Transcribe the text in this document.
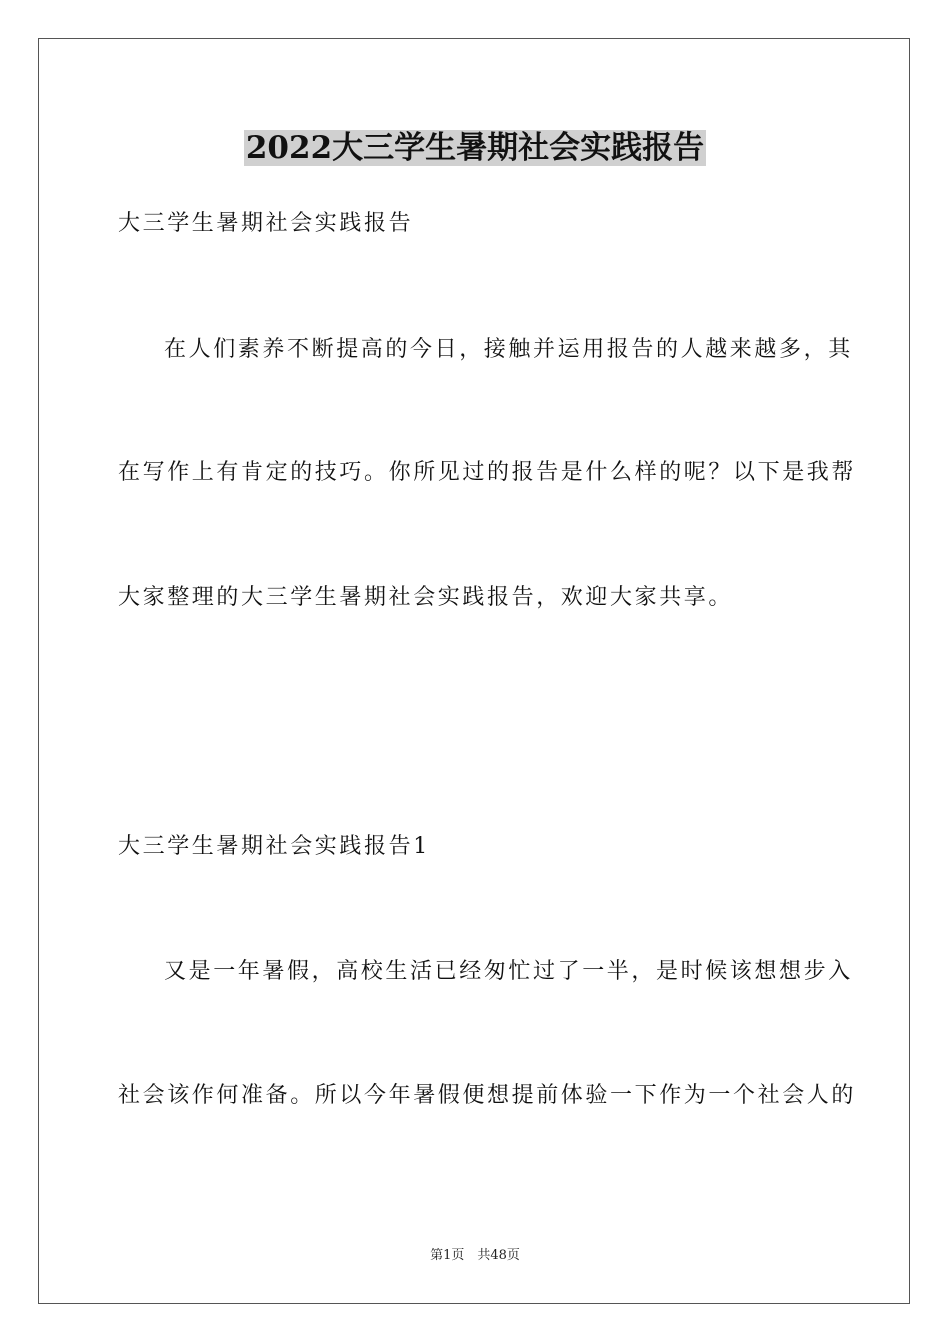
2022大三学生暑期社会实践报告
大三学生暑期社会实践报告
在人们素养不断提高的今日，接触并运用报告的人越来越多，其
在写作上有肯定的技巧。你所见过的报告是什么样的呢？以下是我帮
大家整理的大三学生暑期社会实践报告，欢迎大家共享。
大三学生暑期社会实践报告1
又是一年暑假，高校生活已经匆忙过了一半，是时候该想想步入
社会该作何准备。所以今年暑假便想提前体验一下作为一个社会人的
第1页　共48页
